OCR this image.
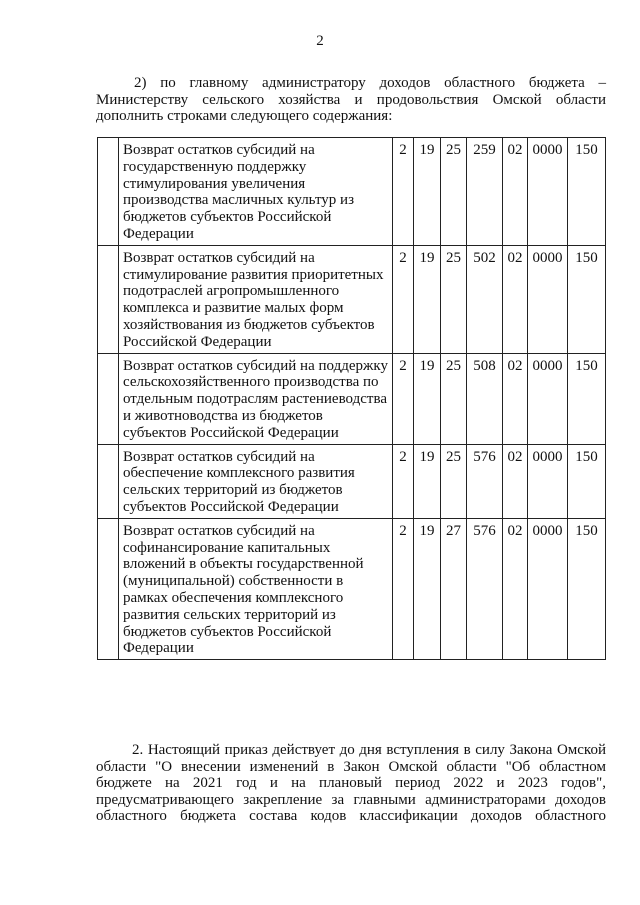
2
2) по главному администратору доходов областного бюджета –
Министерству сельского хозяйства и продовольствия Омской области
дополнить строками следующего содержания:
	Возврат остатков субсидий на государственную поддержку стимулирования увеличения производства масличных культур из бюджетов субъектов Российской Федерации	2	19	25	259	02	0000	150
	Возврат остатков субсидий на стимулирование развития приоритетных подотраслей агропромышленного комплекса и развитие малых форм хозяйствования из бюджетов субъектов Российской Федерации	2	19	25	502	02	0000	150
	Возврат остатков субсидий на поддержку сельскохозяйственного производства по отдельным подотраслям растениеводства и животноводства из бюджетов субъектов Российской Федерации	2	19	25	508	02	0000	150
	Возврат остатков субсидий на обеспечение комплексного развития сельских территорий из бюджетов субъектов Российской Федерации	2	19	25	576	02	0000	150
	Возврат остатков субсидий на софинансирование капитальных вложений в объекты государственной (муниципальной) собственности в рамках обеспечения комплексного развития сельских территорий из бюджетов субъектов Российской Федерации	2	19	27	576	02	0000	150
2. Настоящий приказ действует до дня вступления в силу Закона Омской
области "О внесении изменений в Закон Омской области "Об областном
бюджете на 2021 год и на плановый период 2022 и 2023 годов",
предусматривающего закрепление за главными администраторами доходов
областного бюджета состава кодов классификации доходов областного
